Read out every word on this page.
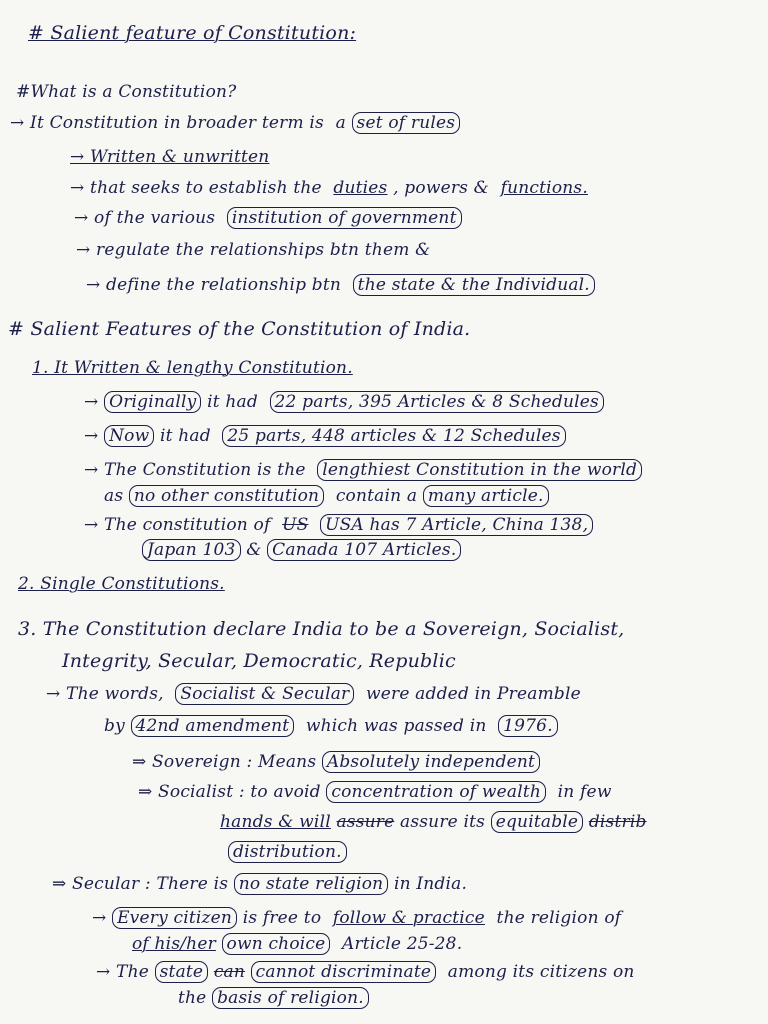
# Salient feature of Constitution:
#What is a Constitution?
→ It Constitution in broader term is a set of rules
→ Written & unwritten
→ that seeks to establish the duties , powers & functions.
→ of the various institution of government
→ regulate the relationships btn them &
→ define the relationship btn the state & the Individual.
# Salient Features of the Constitution of India.
1. It Written & lengthy Constitution.
→ Originally it had 22 parts, 395 Articles & 8 Schedules
→ Now it had 25 parts, 448 articles & 12 Schedules
→ The Constitution is the lengthiest Constitution in the world
as no other constitution contain a many article.
→ The constitution of US USA has 7 Article, China 138,
Japan 103 & Canada 107 Articles.
2. Single Constitutions.
3. The Constitution declare India to be a Sovereign, Socialist,
Integrity, Secular, Democratic, Republic
→ The words, Socialist & Secular were added in Preamble
by 42nd amendment which was passed in 1976.
⇒ Sovereign : Means Absolutely independent
⇒ Socialist : to avoid concentration of wealth in few
hands & will assure assure its equitable distrib
distribution.
⇒ Secular : There is no state religion in India.
→ Every citizen is free to follow & practice the religion of
of his/her own choice Article 25-28.
→ The state can cannot discriminate among its citizens on
the basis of religion.
